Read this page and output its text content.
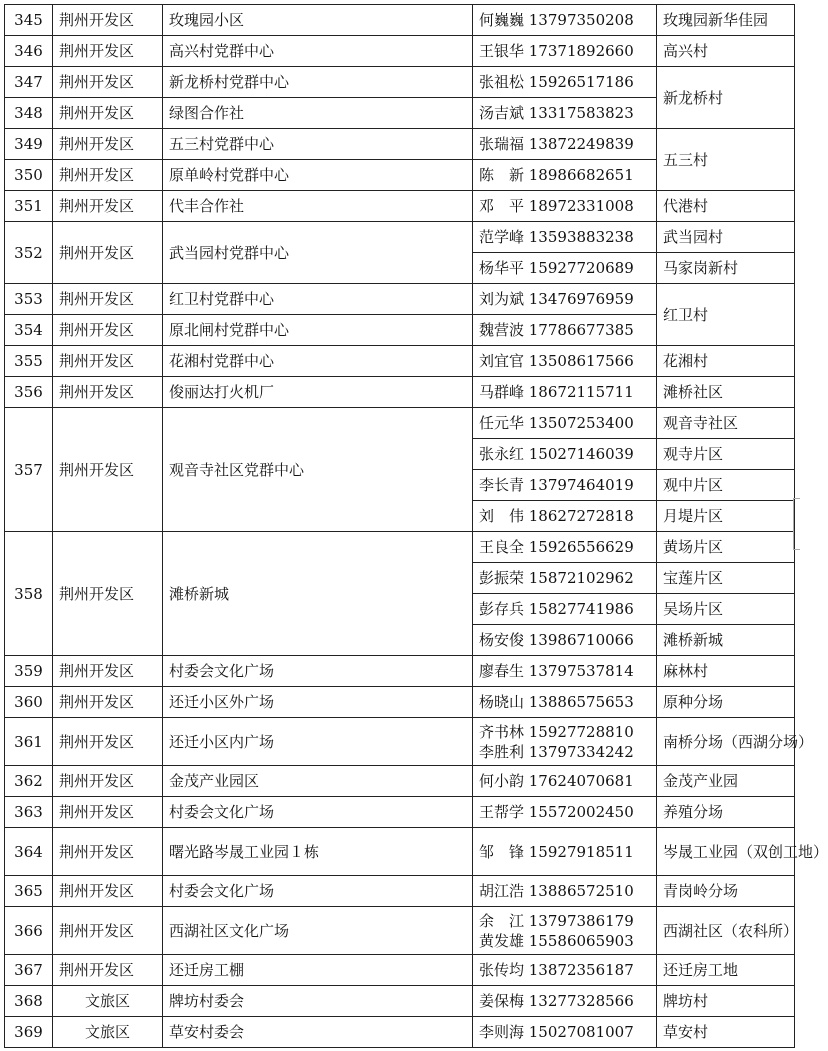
345	荆州开发区	玫瑰园小区	何巍巍 13797350208	玫瑰园新华佳园
346	荆州开发区	高兴村党群中心	王银华 17371892660	高兴村
347	荆州开发区	新龙桥村党群中心	张祖松 15926517186	新龙桥村
348	荆州开发区	绿图合作社	汤吉斌 13317583823	
349	荆州开发区	五三村党群中心	张瑞福 13872249839	五三村
350	荆州开发区	原单岭村党群中心	陈　新 18986682651	
351	荆州开发区	代丰合作社	邓　平 18972331008	代港村
352	荆州开发区	武当园村党群中心	范学峰 13593883238	武当园村
			杨华平 15927720689	马家岗新村
353	荆州开发区	红卫村党群中心	刘为斌 13476976959	红卫村
354	荆州开发区	原北闸村党群中心	魏营波 17786677385	
355	荆州开发区	花湘村党群中心	刘宜官 13508617566	花湘村
356	荆州开发区	俊丽达打火机厂	马群峰 18672115711	滩桥社区
357	荆州开发区	观音寺社区党群中心	任元华 13507253400	观音寺社区
			张永红 15027146039	观寺片区
			李长青 13797464019	观中片区
			刘　伟 18627272818	月堤片区
358	荆州开发区	滩桥新城	王良全 15926556629	黄场片区
			彭振荣 15872102962	宝莲片区
			彭存兵 15827741986	吴场片区
			杨安俊 13986710066	滩桥新城
359	荆州开发区	村委会文化广场	廖春生 13797537814	麻林村
360	荆州开发区	还迁小区外广场	杨晓山 13886575653	原种分场
361	荆州开发区	还迁小区内广场	齐书林 15927728810
李胜利 13797334242	南桥分场（西湖分场）
362	荆州开发区	金茂产业园区	何小韵 17624070681	金茂产业园
363	荆州开发区	村委会文化广场	王帮学 15572002450	养殖分场
364	荆州开发区	曙光路岑晟工业园１栋	邹　锋 15927918511	岑晟工业园（双创工地）
365	荆州开发区	村委会文化广场	胡江浩 13886572510	青岗岭分场
366	荆州开发区	西湖社区文化广场	余　江 13797386179
黄发雄 15586065903	西湖社区（农科所）
367	荆州开发区	还迁房工棚	张传均 13872356187	还迁房工地
368	文旅区	牌坊村委会	姜保梅 13277328566	牌坊村
369	文旅区	草安村委会	李则海 15027081007	草安村
